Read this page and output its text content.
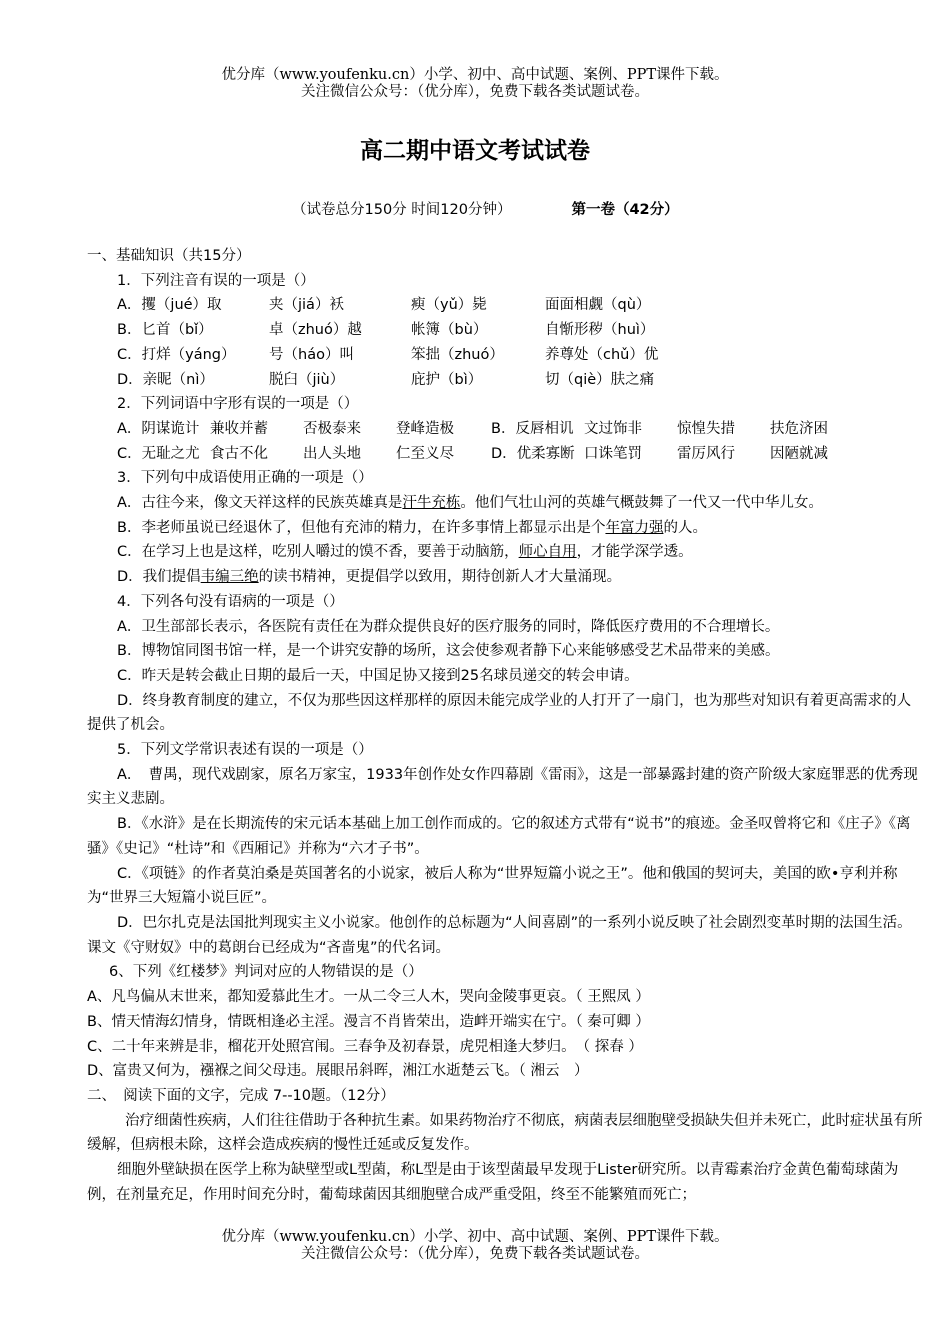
优分库（www.youfenku.cn）小学、初中、高中试题、案例、PPT课件下载。
关注微信公众号：（优分库），免费下载各类试题试卷。
高二期中语文考试试卷
（试卷总分150分 时间120分钟）	第一卷（42分）
一、基础知识（共15分）
1．下列注音有误的一项是（）
A．攫（jué）取	夹（jiá）袄	瘐（yǔ）毙	面面相觑（qù）
B．匕首（bǐ）	卓（zhuó）越	帐簿（bù）	自惭形秽（huì）
C．打烊（yáng）	号（háo）叫	笨拙（zhuó）	养尊处（chǔ）优
D．亲昵（nì）	脱臼（jiù）	庇护（bì）	切（qiè）肤之痛
2．下列词语中字形有误的一项是（）
A．阴谋诡计 兼收并蓄	否极泰来	登峰造极	B．反唇相讥 文过饰非	惊惶失措	扶危济困
C．无耻之尤 食古不化	出人头地	仁至义尽	D．优柔寡断 口诛笔罚	雷厉风行	因陋就减
3．下列句中成语使用正确的一项是（）
A．古往今来，像文天祥这样的民族英雄真是汗牛充栋。他们气壮山河的英雄气概鼓舞了一代又一代中华儿女。
B．李老师虽说已经退休了，但他有充沛的精力，在许多事情上都显示出是个年富力强的人。
C．在学习上也是这样，吃别人嚼过的馍不香，要善于动脑筋，师心自用，才能学深学透。
D．我们提倡韦编三绝的读书精神，更提倡学以致用，期待创新人才大量涌现。
4．下列各句没有语病的一项是（）
A．卫生部部长表示，各医院有责任在为群众提供良好的医疗服务的同时，降低医疗费用的不合理增长。
B．博物馆同图书馆一样，是一个讲究安静的场所，这会使参观者静下心来能够感受艺术品带来的美感。
C．昨天是转会截止日期的最后一天，中国足协又接到25名球员递交的转会申请。
D．终身教育制度的建立，不仅为那些因这样那样的原因未能完成学业的人打开了一扇门，也为那些对知识有着更高需求的人提供了机会。
5．下列文学常识表述有误的一项是（）
A．　曹禺，现代戏剧家，原名万家宝，1933年创作处女作四幕剧《雷雨》，这是一部暴露封建的资产阶级大家庭罪恶的优秀现实主义悲剧。
B．《水浒》是在长期流传的宋元话本基础上加工创作而成的。它的叙述方式带有“说书”的痕迹。金圣叹曾将它和《庄子》《离骚》《史记》“杜诗”和《西厢记》并称为“六才子书”。
C．《项链》的作者莫泊桑是英国著名的小说家，被后人称为“世界短篇小说之王”。他和俄国的契诃夫，美国的欧•亨利并称为“世界三大短篇小说巨匠”。
D．巴尔扎克是法国批判现实主义小说家。他创作的总标题为“人间喜剧”的一系列小说反映了社会剧烈变革时期的法国生活。课文《守财奴》中的葛朗台已经成为“吝啬鬼”的代名词。
6、下列《红楼梦》判词对应的人物错误的是（）
A、凡鸟偏从末世来，都知爱慕此生才。一从二令三人木，哭向金陵事更哀。（ 王熙凤 ）
B、情天情海幻情身，情既相逢必主淫。漫言不肖皆荣出，造衅开端实在宁。（ 秦可卿 ）
C、二十年来辨是非，榴花开处照宫闱。三春争及初春景，虎兕相逢大梦归。　（ 探春 ）
D、富贵又何为，襁褓之间父母违。展眼吊斜晖，湘江水逝楚云飞。（ 湘云　）
二、　阅读下面的文字，完成 7--10题。（12分）
治疗细菌性疾病，人们往往借助于各种抗生素。如果药物治疗不彻底，病菌表层细胞壁受损缺失但并未死亡，此时症状虽有所缓解，但病根未除，这样会造成疾病的慢性迁延或反复发作。
细胞外壁缺损在医学上称为缺壁型或L型菌，称L型是由于该型菌最早发现于Lister研究所。以青霉素治疗金黄色葡萄球菌为例，在剂量充足，作用时间充分时，葡萄球菌因其细胞壁合成严重受阻，终至不能繁殖而死亡；
优分库（www.youfenku.cn）小学、初中、高中试题、案例、PPT课件下载。
关注微信公众号：（优分库），免费下载各类试题试卷。
